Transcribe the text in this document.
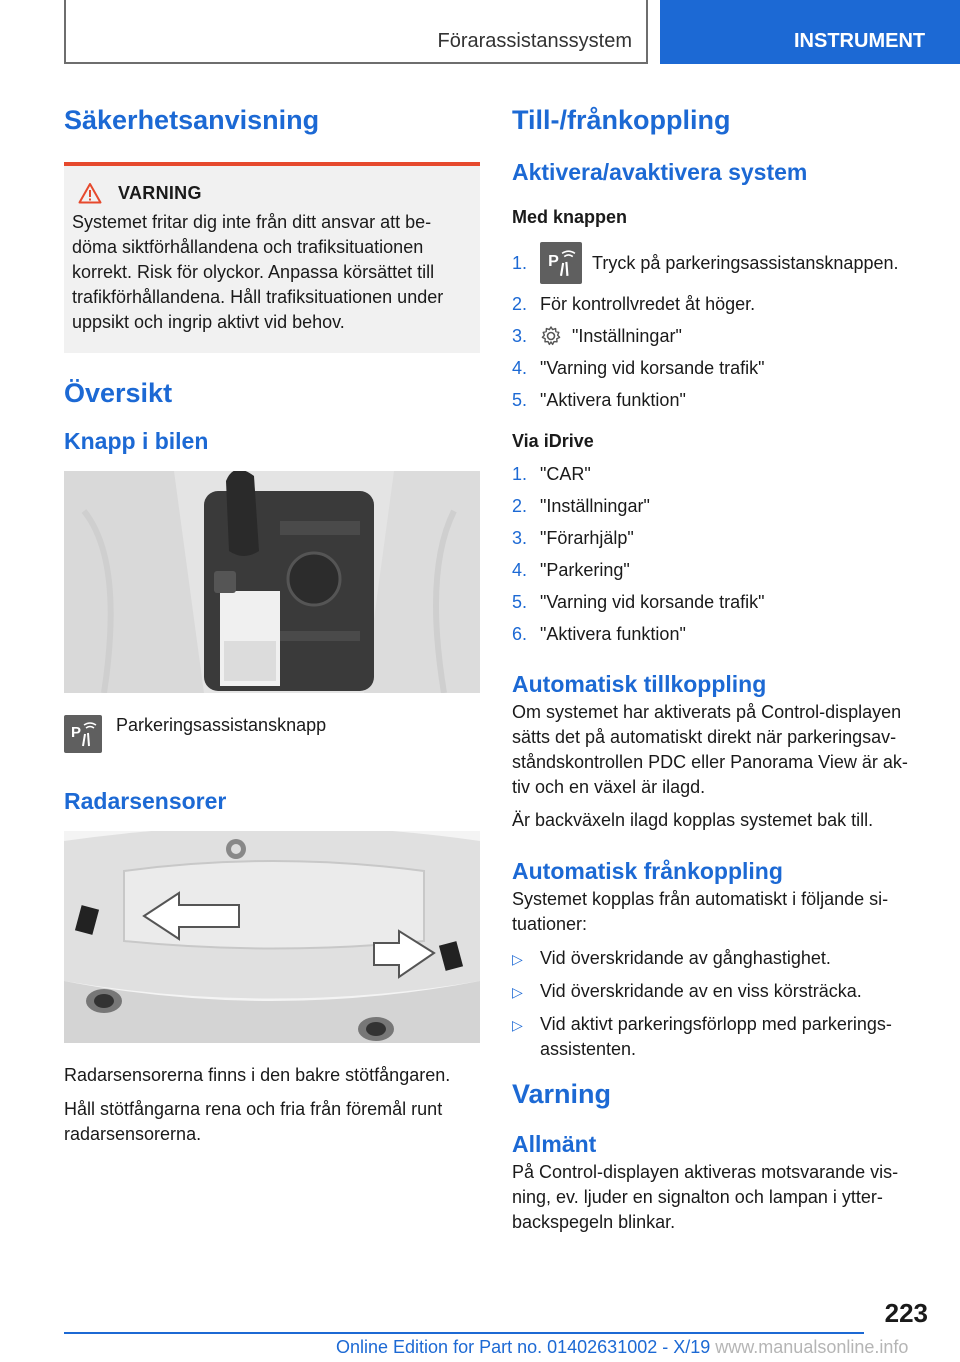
Förarassistanssystem	INSTRUMENT
Säkerhetsanvisning
VARNING
Systemet fritar dig inte från ditt ansvar att be-
döma siktförhållandena och trafiksituationen
korrekt. Risk för olyckor. Anpassa körsättet till
trafikförhållandena. Håll trafiksituationen under
uppsikt och ingrip aktivt vid behov.
Översikt
Knapp i bilen
P Parkeringsassistansknapp
Radarsensorer

Radarsensorerna finns i den bakre stötfångaren.

Håll stötfångarna rena och fria från föremål runt
radarsensorerna.
Till-/frånkoppling
Aktivera/avaktivera system
Med knappen
1.	P Tryck på parkeringsassistansknappen.
2. För kontrollvredet åt höger.
3.	"Inställningar"
4. "Varning vid korsande trafik"
5. "Aktivera funktion"
Via iDrive
1. "CAR"
2. "Inställningar"
3. "Förarhjälp"
4. "Parkering"
5. "Varning vid korsande trafik"
6. "Aktivera funktion"
Automatisk tillkoppling
Om systemet har aktiverats på Control-displayen
sätts det på automatiskt direkt när parkeringsav-
ståndskontrollen PDC eller Panorama View är ak-
tiv och en växel är ilagd.

Är backväxeln ilagd kopplas systemet bak till.

Automatisk frånkoppling
Systemet kopplas från automatiskt i följande si-
tuationer:
▷ Vid överskridande av gånghastighet.
▷ Vid överskridande av en viss körsträcka.
▷ Vid aktivt parkeringsförlopp med parkerings-
assistenten.
Varning
Allmänt
På Control-displayen aktiveras motsvarande vis-
ning, ev. ljuder en signalton och lampan i ytter-
backspegeln blinkar.
223
Online Edition for Part no. 01402631002 - X/19 www.manualsonline.info
